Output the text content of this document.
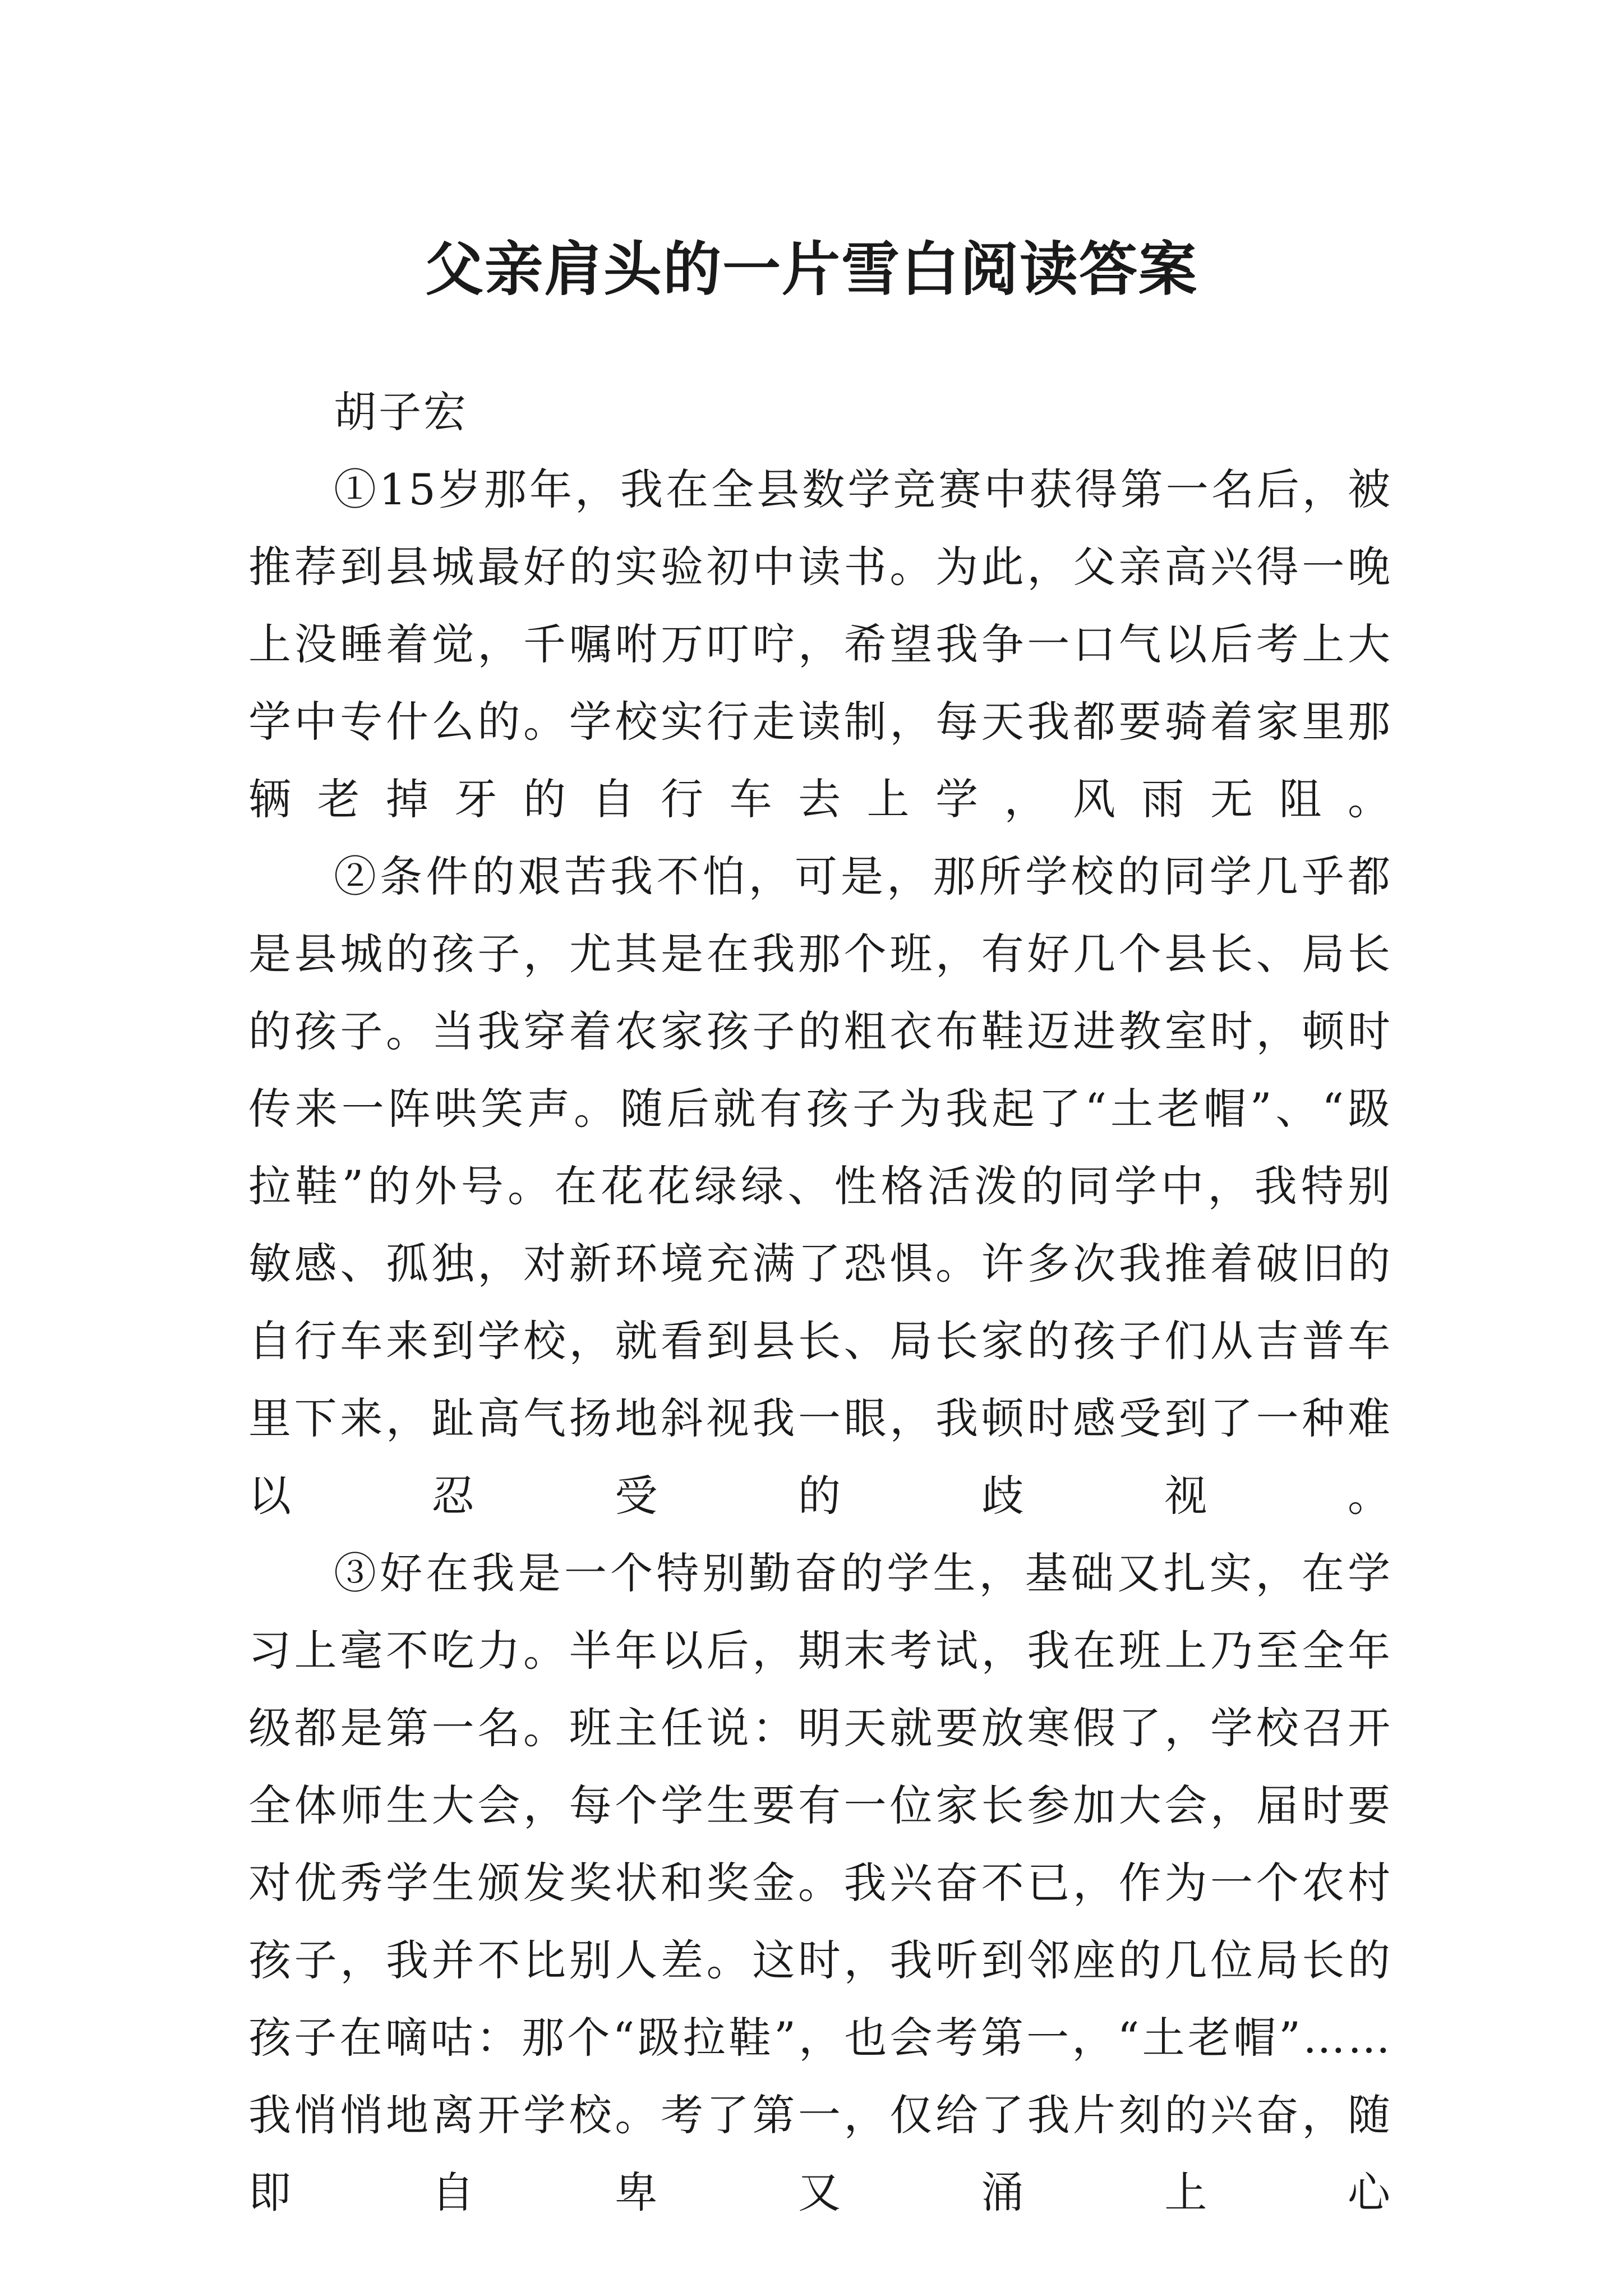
父亲肩头的一片雪白阅读答案

胡子宏

①15岁那年，我在全县数学竞赛中获得第一名后，被推荐到县城最好的实验初中读书。为此，父亲高兴得一晚上没睡着觉，千嘱咐万叮咛，希望我争一口气以后考上大学中专什么的。学校实行走读制，每天我都要骑着家里那辆老掉牙的自行车去上学，风雨无阻。

②条件的艰苦我不怕，可是，那所学校的同学几乎都是县城的孩子，尤其是在我那个班，有好几个县长、局长的孩子。当我穿着农家孩子的粗衣布鞋迈进教室时，顿时传来一阵哄笑声。随后就有孩子为我起了“土老帽”、“趿拉鞋”的外号。在花花绿绿、性格活泼的同学中，我特别敏感、孤独，对新环境充满了恐惧。许多次我推着破旧的自行车来到学校，就看到县长、局长家的孩子们从吉普车里下来，趾高气扬地斜视我一眼，我顿时感受到了一种难以忍受的歧视。

③好在我是一个特别勤奋的学生，基础又扎实，在学习上毫不吃力。半年以后，期末考试，我在班上乃至全年级都是第一名。班主任说：明天就要放寒假了，学校召开全体师生大会，每个学生要有一位家长参加大会，届时要对优秀学生颁发奖状和奖金。我兴奋不已，作为一个农村孩子，我并不比别人差。这时，我听到邻座的几位局长的孩子在嘀咕：那个“趿拉鞋”，也会考第一，“土老帽”……我悄悄地离开学校。考了第一，仅给了我片刻的兴奋，随即自卑又涌上心
